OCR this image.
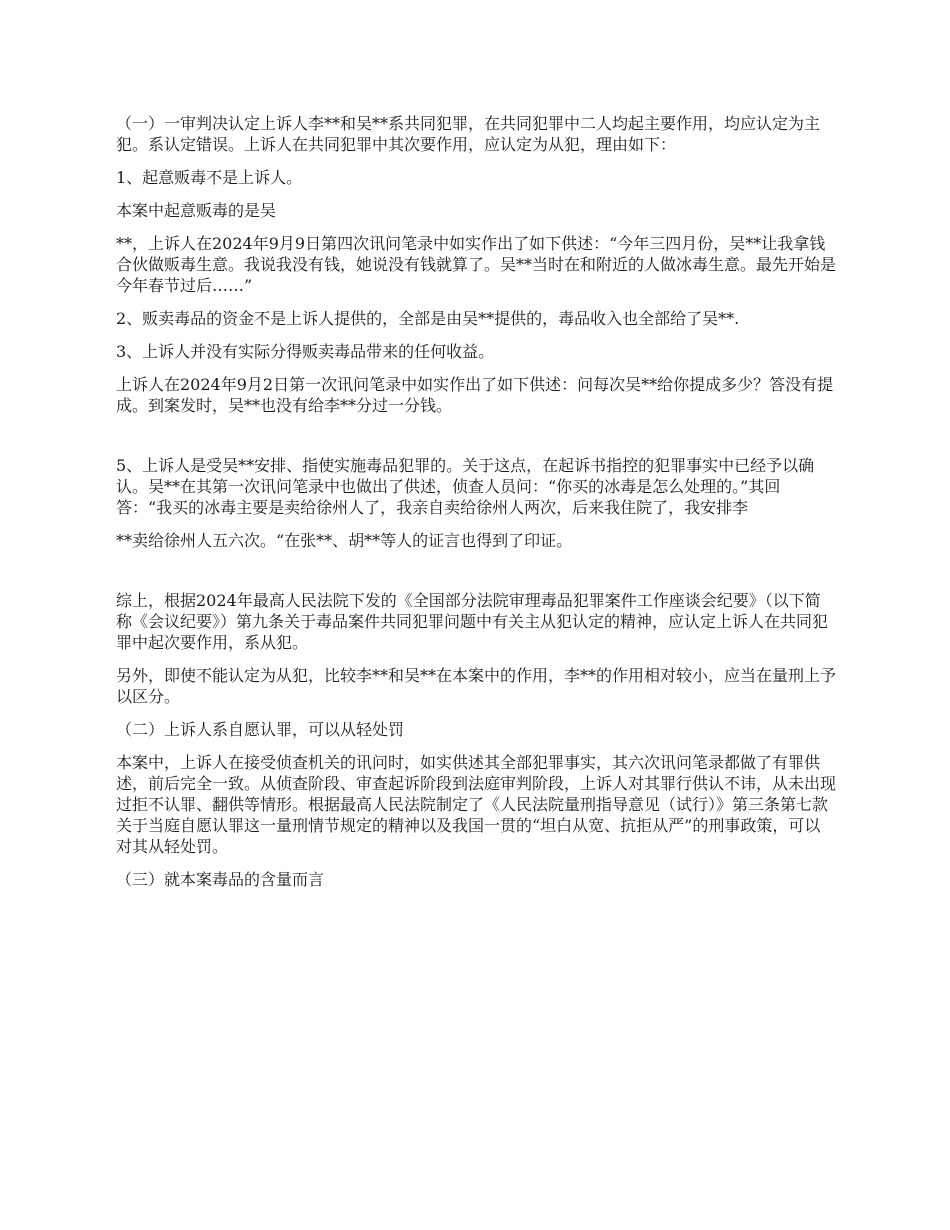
（一）一审判决认定上诉人李**和吴**系共同犯罪，在共同犯罪中二人均起主要作用，均应认定为主犯。系认定错误。上诉人在共同犯罪中其次要作用，应认定为从犯，理由如下：

1、起意贩毒不是上诉人。

本案中起意贩毒的是吴

**，上诉人在2024年9月9日第四次讯问笔录中如实作出了如下供述：“今年三四月份，吴**让我拿钱合伙做贩毒生意。我说我没有钱，她说没有钱就算了。吴**当时在和附近的人做冰毒生意。最先开始是今年春节过后……”

2、贩卖毒品的资金不是上诉人提供的，全部是由吴**提供的，毒品收入也全部给了吴**.

3、上诉人并没有实际分得贩卖毒品带来的任何收益。

上诉人在2024年9月2日第一次讯问笔录中如实作出了如下供述：问每次吴**给你提成多少？答没有提成。到案发时，吴**也没有给李**分过一分钱。

5、上诉人是受吴**安排、指使实施毒品犯罪的。关于这点，在起诉书指控的犯罪事实中已经予以确认。吴**在其第一次讯问笔录中也做出了供述，侦查人员问：“你买的冰毒是怎么处理的。”其回答：“我买的冰毒主要是卖给徐州人了，我亲自卖给徐州人两次，后来我住院了，我安排李

**卖给徐州人五六次。“在张**、胡**等人的证言也得到了印证。

综上，根据2024年最高人民法院下发的《全国部分法院审理毒品犯罪案件工作座谈会纪要》（以下简称《会议纪要》）第九条关于毒品案件共同犯罪问题中有关主从犯认定的精神，应认定上诉人在共同犯罪中起次要作用，系从犯。

另外，即使不能认定为从犯，比较李**和吴**在本案中的作用，李**的作用相对较小，应当在量刑上予以区分。

（二）上诉人系自愿认罪，可以从轻处罚

本案中，上诉人在接受侦查机关的讯问时，如实供述其全部犯罪事实，其六次讯问笔录都做了有罪供述，前后完全一致。从侦查阶段、审查起诉阶段到法庭审判阶段，上诉人对其罪行供认不讳，从未出现过拒不认罪、翻供等情形。根据最高人民法院制定了《人民法院量刑指导意见（试行）》第三条第七款关于当庭自愿认罪这一量刑情节规定的精神以及我国一贯的“坦白从宽、抗拒从严”的刑事政策，可以对其从轻处罚。

（三）就本案毒品的含量而言
